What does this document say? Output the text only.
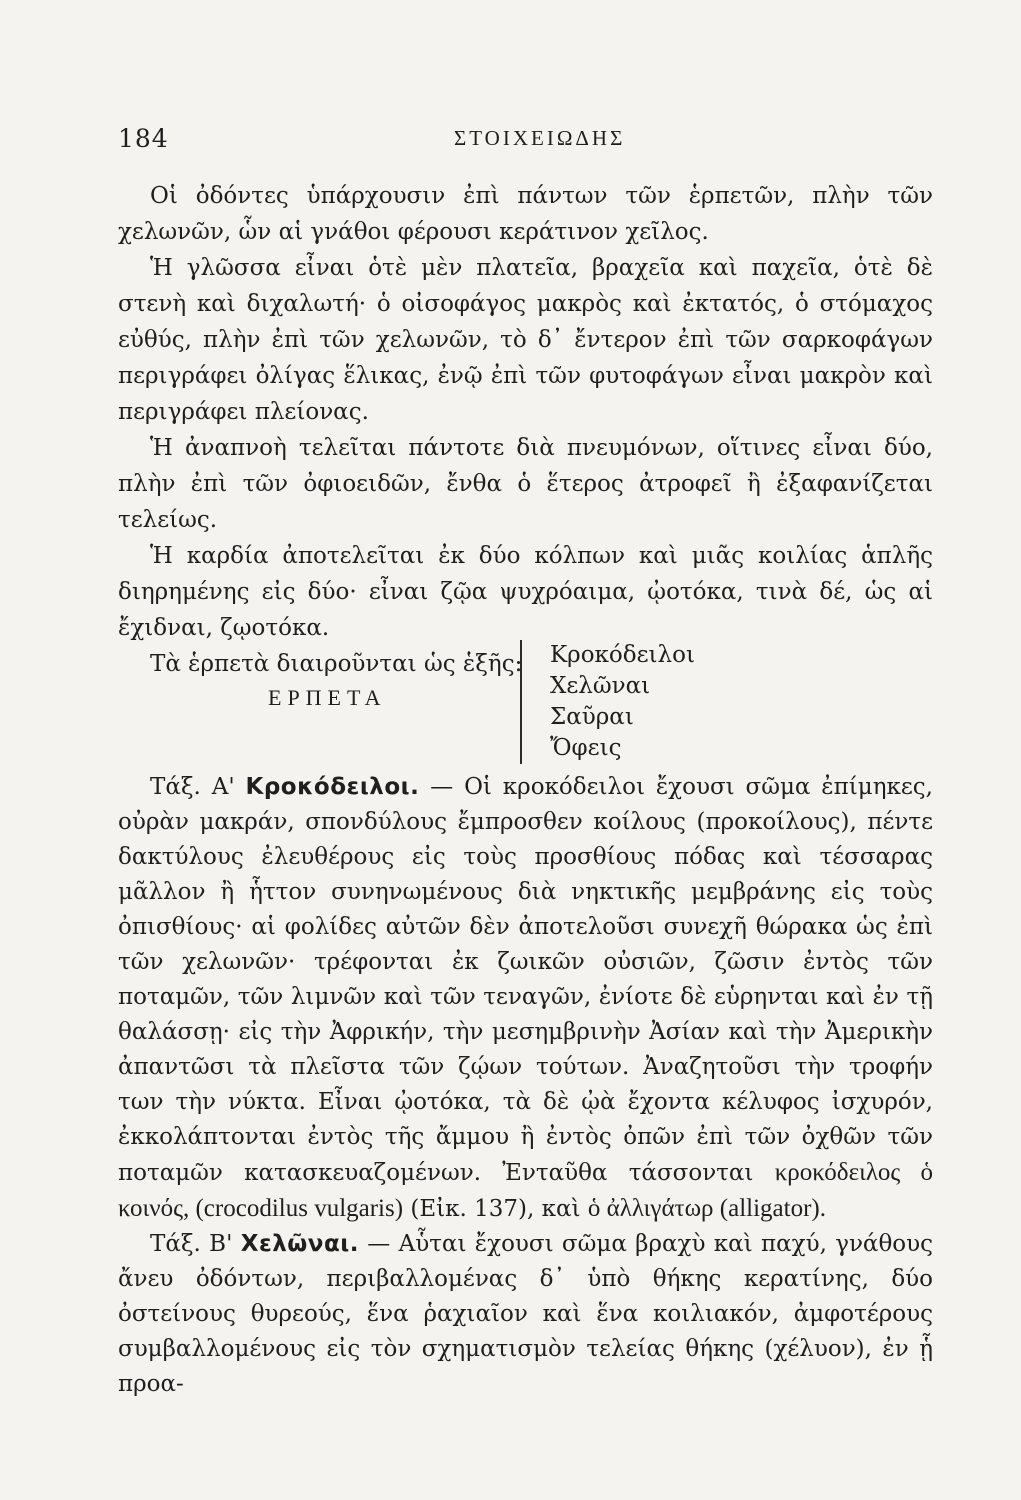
184	ΣΤΟΙΧΕΙΩΔΗΣ

Οἱ ὀδόντες ὑπάρχουσιν ἐπὶ πάντων τῶν ἑρπετῶν, πλὴν τῶν χελωνῶν, ὧν αἱ γνάθοι φέρουσι κεράτινον χεῖλος.

Ἡ γλῶσσα εἶναι ὁτὲ μὲν πλατεῖα, βραχεῖα καὶ παχεῖα, ὁτὲ δὲ στενὴ καὶ διχαλωτή· ὁ οἰσοφάγος μακρὸς καὶ ἐκτατός, ὁ στόμαχος εὐθύς, πλὴν ἐπὶ τῶν χελωνῶν, τὸ δ᾽ ἔντερον ἐπὶ τῶν σαρκοφάγων περιγράφει ὀλίγας ἕλικας, ἐνῷ ἐπὶ τῶν φυτοφάγων εἶναι μακρὸν καὶ περιγράφει πλείονας.

Ἡ ἀναπνοὴ τελεῖται πάντοτε διὰ πνευμόνων, οἵτινες εἶναι δύο, πλὴν ἐπὶ τῶν ὀφιοειδῶν, ἔνθα ὁ ἕτερος ἀτροφεῖ ἢ ἐξαφανίζεται τελείως.

Ἡ καρδία ἀποτελεῖται ἐκ δύο κόλπων καὶ μιᾶς κοιλίας ἁπλῆς διηρημένης εἰς δύο· εἶναι ζῷα ψυχρόαιμα, ᾠοτόκα, τινὰ δέ, ὡς αἱ ἔχιδναι, ζῳοτόκα.

Τὰ ἑρπετὰ διαιροῦνται ὡς ἑξῆς:

ΕΡΠΕΤΑ
Κροκόδειλοι
Χελῶναι
Σαῦραι
Ὄφεις

Τάξ. Α' Κροκόδειλοι. — Οἱ κροκόδειλοι ἔχουσι σῶμα ἐπίμηκες, οὐρὰν μακράν, σπονδύλους ἔμπροσθεν κοίλους (προκοίλους), πέντε δακτύλους ἐλευθέρους εἰς τοὺς προσθίους πόδας καὶ τέσσαρας μᾶλλον ἢ ἧττον συνηνωμένους διὰ νηκτικῆς μεμβράνης εἰς τοὺς ὀπισθίους· αἱ φολίδες αὐτῶν δὲν ἀποτελοῦσι συνεχῆ θώρακα ὡς ἐπὶ τῶν χελωνῶν· τρέφονται ἐκ ζωικῶν οὐσιῶν, ζῶσιν ἐντὸς τῶν ποταμῶν, τῶν λιμνῶν καὶ τῶν τεναγῶν, ἐνίοτε δὲ εὑρηνται καὶ ἐν τῇ θαλάσσῃ· εἰς τὴν Ἀφρικήν, τὴν μεσημβρινὴν Ἀσίαν καὶ τὴν Ἀμερικὴν ἀπαντῶσι τὰ πλεῖστα τῶν ζῴων τούτων. Ἀναζητοῦσι τὴν τροφήν των τὴν νύκτα. Εἶναι ᾠοτόκα, τὰ δὲ ᾠὰ ἔχοντα κέλυφος ἰσχυρόν, ἐκκολάπτονται ἐντὸς τῆς ἄμμου ἢ ἐντὸς ὀπῶν ἐπὶ τῶν ὀχθῶν τῶν ποταμῶν κατασκευαζομένων. Ἐνταῦθα τάσσονται κροκόδειλος ὁ κοινός, (crocodilus vulgaris) (Εἰκ. 137), καὶ ὁ ἀλλιγάτωρ (alligator).

Τάξ. Β' Χελῶναι. — Αὗται ἔχουσι σῶμα βραχὺ καὶ παχύ, γνάθους ἄνευ ὀδόντων, περιβαλλομένας δ᾽ ὑπὸ θήκης κερατίνης, δύο ὀστείνους θυρεούς, ἕνα ῥαχιαῖον καὶ ἕνα κοιλιακόν, ἀμφοτέρους συμβαλλομένους εἰς τὸν σχηματισμὸν τελείας θήκης (χέλυον), ἐν ᾗ προα-
